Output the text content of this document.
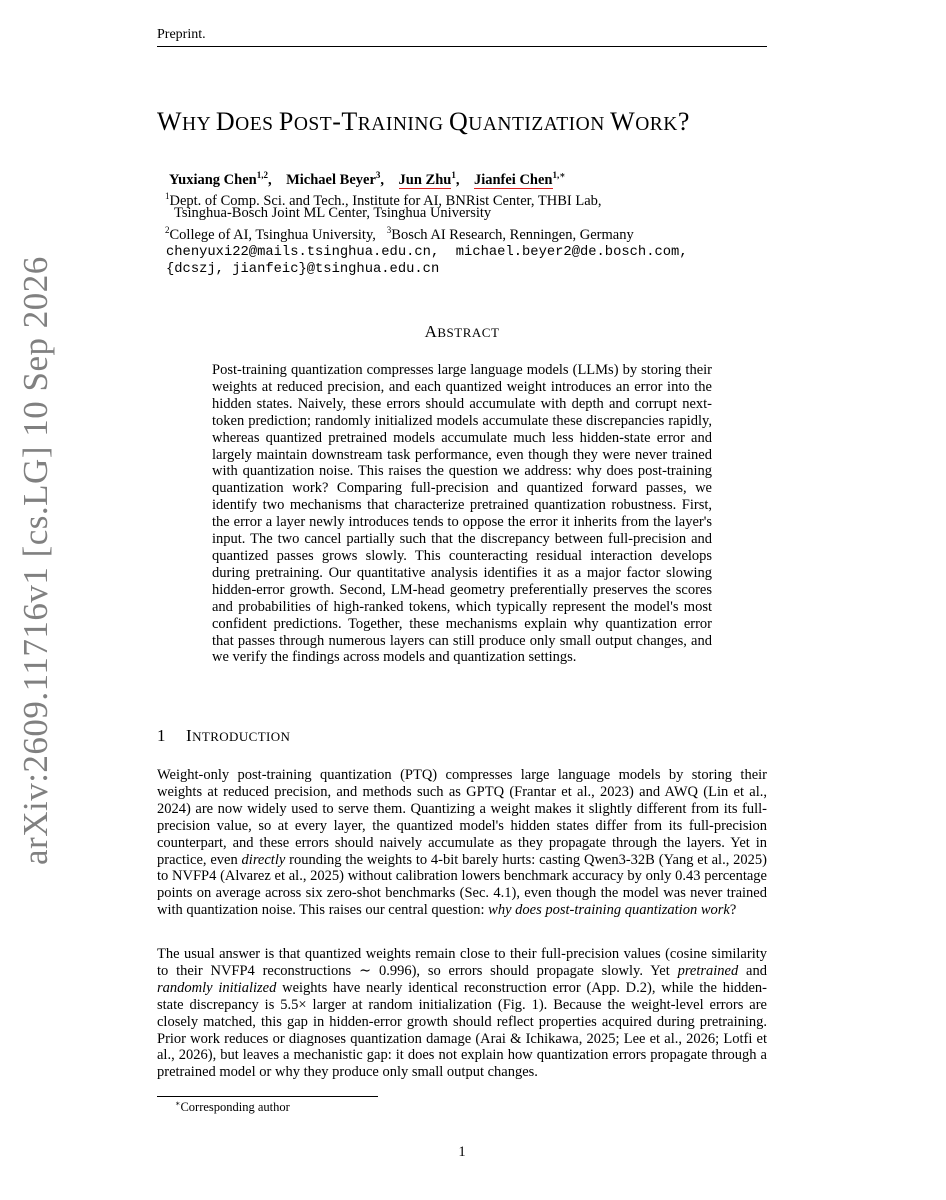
Preprint.
arXiv:2609.11716v1 [cs.LG] 10 Sep 2026
WHY DOES POST-TRAINING QUANTIZATION WORK?
Yuxiang Chen$^{1,2}$,    Michael Beyer$^3$,    Jun Zhu$^1$,    Jianfei Chen$^{1,∗}$
$^1$Dept. of Comp. Sci. and Tech., Institute for AI, BNRist Center, THBI Lab,
Tsinghua-Bosch Joint ML Center, Tsinghua University
$^2$College of AI, Tsinghua University, $^3$Bosch AI Research, Renningen, Germany
chenyuxi22@mails.tsinghua.edu.cn,  michael.beyer2@de.bosch.com,
{dcszj, jianfeic}@tsinghua.edu.cn
ABSTRACT
Post-training quantization compresses large language models (LLMs) by storing their weights at reduced precision, and each quantized weight introduces an error into the hidden states. Naively, these errors should accumulate with depth and corrupt next-token prediction; randomly initialized models accumulate these discrepancies rapidly, whereas quantized pretrained models accumulate much less hidden-state error and largely maintain downstream task performance, even though they were never trained with quantization noise. This raises the question we address: why does post-training quantization work? Comparing full-precision and quantized forward passes, we identify two mechanisms that characterize pretrained quantization robustness. First, the error a layer newly introduces tends to oppose the error it inherits from the layer's input. The two cancel partially such that the discrepancy between full-precision and quantized passes grows slowly. This counteracting residual interaction develops during pretraining. Our quantitative analysis identifies it as a major factor slowing hidden-error growth. Second, LM-head geometry preferentially preserves the scores and probabilities of high-ranked tokens, which typically represent the model's most confident predictions. Together, these mechanisms explain why quantization error that passes through numerous layers can still produce only small output changes, and we verify the findings across models and quantization settings.
1 INTRODUCTION
Weight-only post-training quantization (PTQ) compresses large language models by storing their weights at reduced precision, and methods such as GPTQ (Frantar et al., 2023) and AWQ (Lin et al., 2024) are now widely used to serve them. Quantizing a weight makes it slightly different from its full-precision value, so at every layer, the quantized model's hidden states differ from its full-precision counterpart, and these errors should naively accumulate as they propagate through the layers. Yet in practice, even directly rounding the weights to 4-bit barely hurts: casting Qwen3-32B (Yang et al., 2025) to NVFP4 (Alvarez et al., 2025) without calibration lowers benchmark accuracy by only 0.43 percentage points on average across six zero-shot benchmarks (Sec. 4.1), even though the model was never trained with quantization noise. This raises our central question: why does post-training quantization work?
The usual answer is that quantized weights remain close to their full-precision values (cosine similarity to their NVFP4 reconstructions ∼ 0.996), so errors should propagate slowly. Yet pretrained and randomly initialized weights have nearly identical reconstruction error (App. D.2), while the hidden-state discrepancy is 5.5× larger at random initialization (Fig. 1). Because the weight-level errors are closely matched, this gap in hidden-error growth should reflect properties acquired during pretraining. Prior work reduces or diagnoses quantization damage (Arai & Ichikawa, 2025; Lee et al., 2026; Lotfi et al., 2026), but leaves a mechanistic gap: it does not explain how quantization errors propagate through a pretrained model or why they produce only small output changes.
∗Corresponding author
1
